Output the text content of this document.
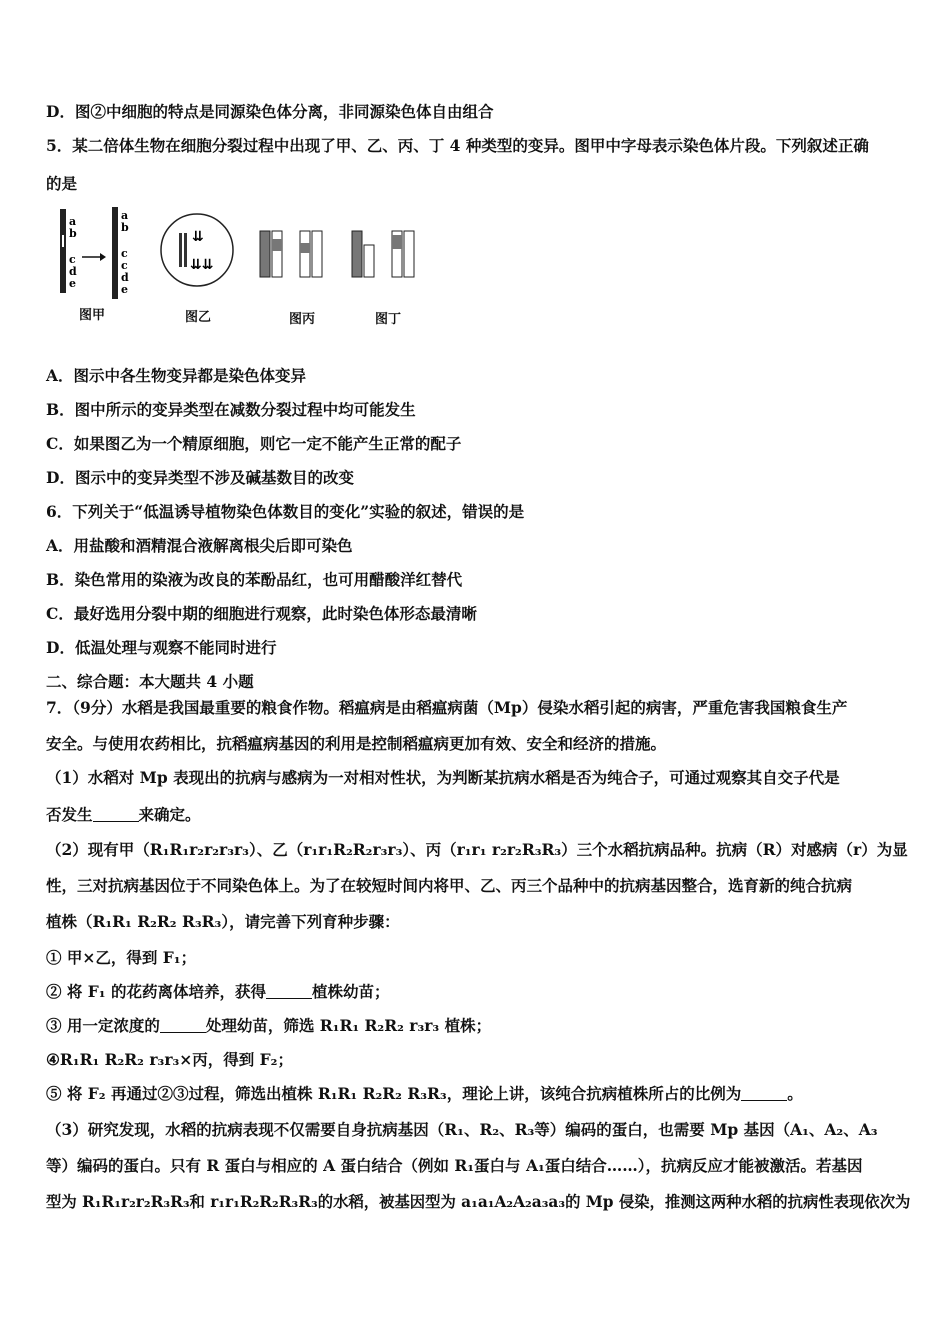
D．图②中细胞的特点是同源染色体分离，非同源染色体自由组合
5．某二倍体生物在细胞分裂过程中出现了甲、乙、丙、丁 4 种类型的变异。图甲中字母表示染色体片段。下列叙述正确
的是
a
b
c
d
e
a
b
c
c
d
e
⇊
⇊⇊
图甲	图乙	图丙	图丁
A．图示中各生物变异都是染色体变异
B．图中所示的变异类型在减数分裂过程中均可能发生
C．如果图乙为一个精原细胞，则它一定不能产生正常的配子
D．图示中的变异类型不涉及碱基数目的改变
6．下列关于“低温诱导植物染色体数目的变化”实验的叙述，错误的是
A．用盐酸和酒精混合液解离根尖后即可染色
B．染色常用的染液为改良的苯酚品红，也可用醋酸洋红替代
C．最好选用分裂中期的细胞进行观察，此时染色体形态最清晰
D．低温处理与观察不能同时进行
二、综合题：本大题共 4 小题
7．（9分）水稻是我国最重要的粮食作物。稻瘟病是由稻瘟病菌（Mp）侵染水稻引起的病害，严重危害我国粮食生产
安全。与使用农药相比，抗稻瘟病基因的利用是控制稻瘟病更加有效、安全和经济的措施。
（1）水稻对 Mp 表现出的抗病与感病为一对相对性状，为判断某抗病水稻是否为纯合子，可通过观察其自交子代是
否发生	来确定。
（2）现有甲（R₁R₁r₂r₂r₃r₃）、乙（r₁r₁R₂R₂r₃r₃）、丙（r₁r₁ r₂r₂R₃R₃）三个水稻抗病品种。抗病（R）对感病（r）为显
性，三对抗病基因位于不同染色体上。为了在较短时间内将甲、乙、丙三个品种中的抗病基因整合，选育新的纯合抗病
植株（R₁R₁ R₂R₂ R₃R₃），请完善下列育种步骤：
① 甲×乙，得到 F₁；
② 将 F₁ 的花药离体培养，获得	植株幼苗；
③ 用一定浓度的	处理幼苗，筛选 R₁R₁ R₂R₂ r₃r₃ 植株；
④R₁R₁ R₂R₂ r₃r₃×丙，得到 F₂；
⑤ 将 F₂ 再通过②③过程，筛选出植株 R₁R₁ R₂R₂ R₃R₃，理论上讲，该纯合抗病植株所占的比例为	。
（3）研究发现，水稻的抗病表现不仅需要自身抗病基因（R₁、R₂、R₃等）编码的蛋白，也需要 Mp 基因（A₁、A₂、A₃
等）编码的蛋白。只有 R 蛋白与相应的 A 蛋白结合（例如 R₁蛋白与 A₁蛋白结合……），抗病反应才能被激活。若基因
型为 R₁R₁r₂r₂R₃R₃和 r₁r₁R₂R₂R₃R₃的水稻，被基因型为 a₁a₁A₂A₂a₃a₃的 Mp 侵染，推测这两种水稻的抗病性表现依次为
